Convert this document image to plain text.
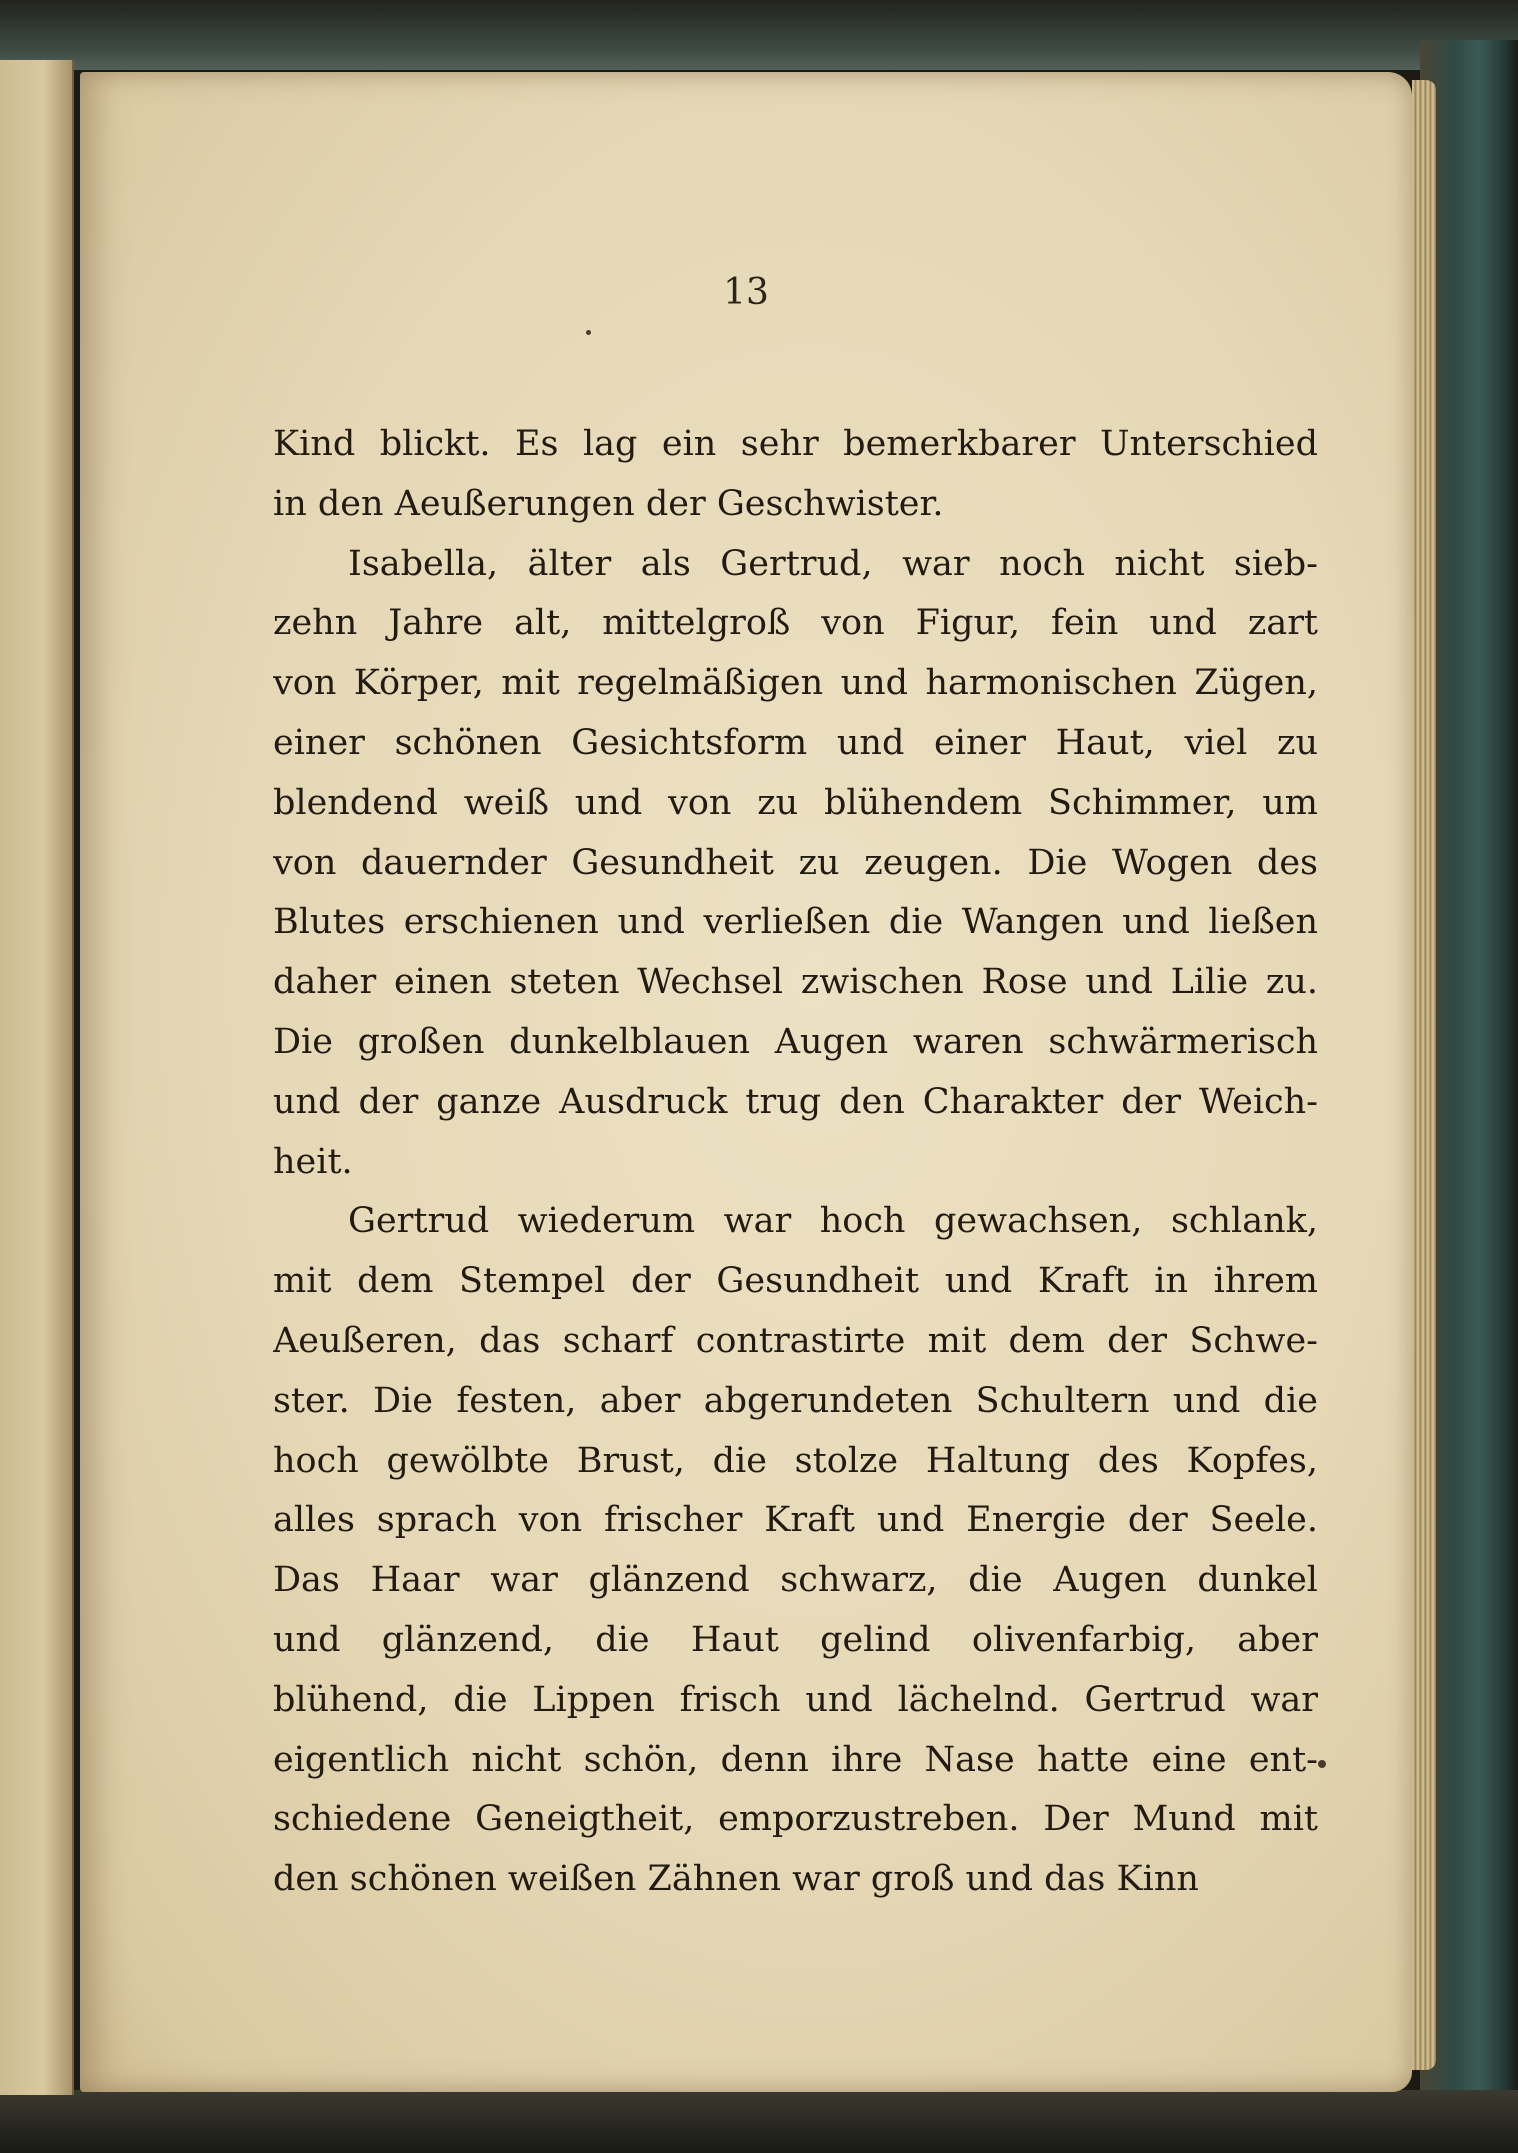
13
Kind blickt. Es lag ein sehr bemerkbarer Unterschied
in den Aeußerungen der Geschwister.
Isabella, älter als Gertrud, war noch nicht sieb-
zehn Jahre alt, mittelgroß von Figur, fein und zart
von Körper, mit regelmäßigen und harmonischen Zügen,
einer schönen Gesichtsform und einer Haut, viel zu
blendend weiß und von zu blühendem Schimmer, um
von dauernder Gesundheit zu zeugen. Die Wogen des
Blutes erschienen und verließen die Wangen und ließen
daher einen steten Wechsel zwischen Rose und Lilie zu.
Die großen dunkelblauen Augen waren schwärmerisch
und der ganze Ausdruck trug den Charakter der Weich-
heit.
Gertrud wiederum war hoch gewachsen, schlank,
mit dem Stempel der Gesundheit und Kraft in ihrem
Aeußeren, das scharf contrastirte mit dem der Schwe-
ster. Die festen, aber abgerundeten Schultern und die
hoch gewölbte Brust, die stolze Haltung des Kopfes,
alles sprach von frischer Kraft und Energie der Seele.
Das Haar war glänzend schwarz, die Augen dunkel
und glänzend, die Haut gelind olivenfarbig, aber
blühend, die Lippen frisch und lächelnd. Gertrud war
eigentlich nicht schön, denn ihre Nase hatte eine ent-
schiedene Geneigtheit, emporzustreben. Der Mund mit
den schönen weißen Zähnen war groß und das Kinn
